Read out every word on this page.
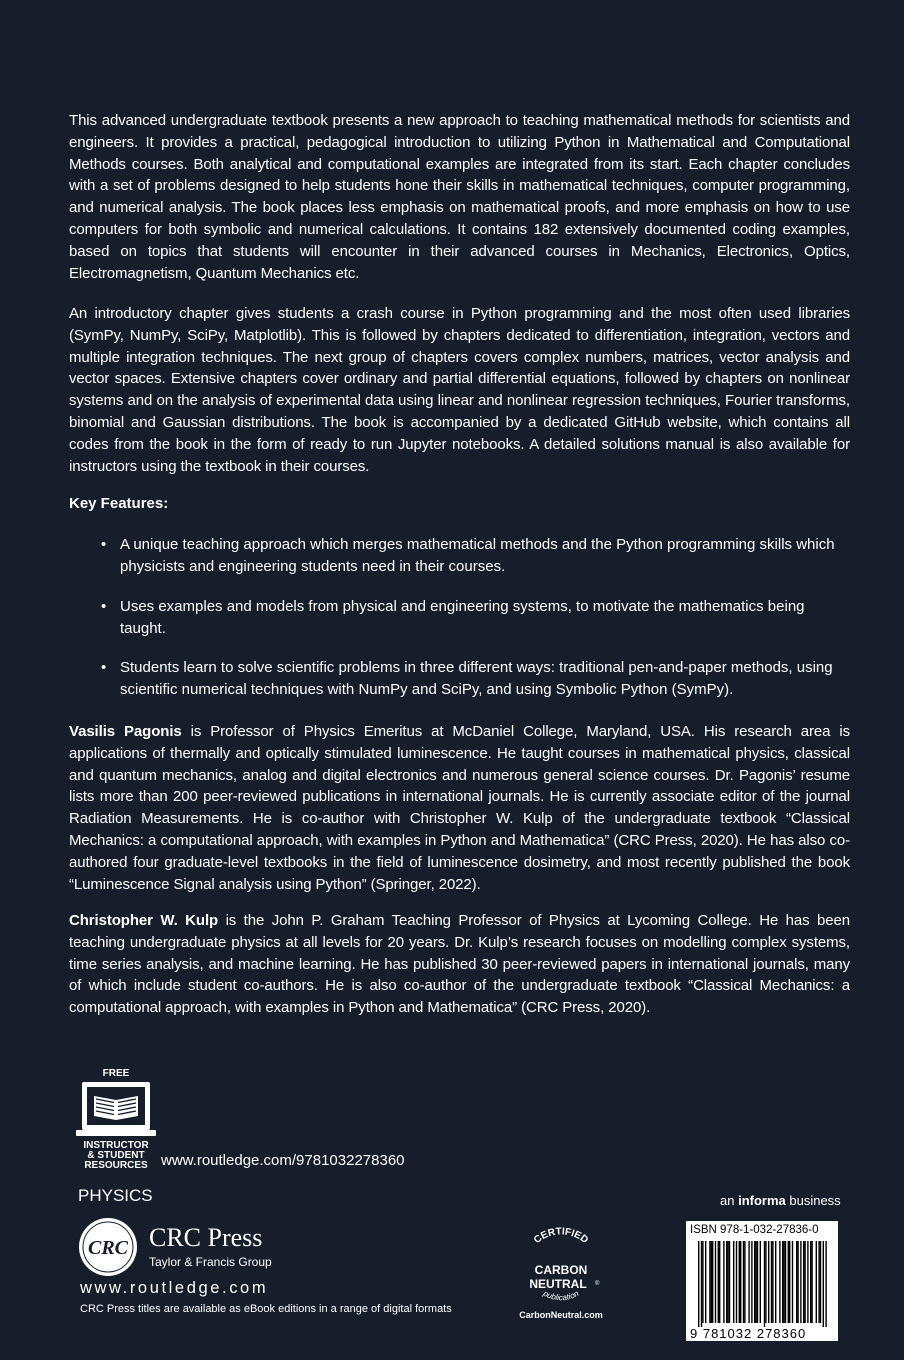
This advanced undergraduate textbook presents a new approach to teaching mathematical methods for scientists and engineers. It provides a practical, pedagogical introduction to utilizing Python in Mathematical and Computational Methods courses. Both analytical and computational examples are integrated from its start. Each chapter concludes with a set of problems designed to help students hone their skills in mathematical techniques, computer programming, and numerical analysis. The book places less emphasis on mathematical proofs, and more emphasis on how to use computers for both symbolic and numerical calculations. It contains 182 extensively documented coding examples, based on topics that students will encounter in their advanced courses in Mechanics, Electronics, Optics, Electromagnetism, Quantum Mechanics etc.

An introductory chapter gives students a crash course in Python programming and the most often used libraries (SymPy, NumPy, SciPy, Matplotlib). This is followed by chapters dedicated to differentiation, integration, vectors and multiple integration techniques. The next group of chapters covers complex numbers, matrices, vector analysis and vector spaces. Extensive chapters cover ordinary and partial differential equations, followed by chapters on nonlinear systems and on the analysis of experimental data using linear and nonlinear regression techniques, Fourier transforms, binomial and Gaussian distributions. The book is accompanied by a dedicated GitHub website, which contains all codes from the book in the form of ready to run Jupyter notebooks. A detailed solutions manual is also available for instructors using the textbook in their courses.

Key Features:

• A unique teaching approach which merges mathematical methods and the Python programming skills which physicists and engineering students need in their courses.
• Uses examples and models from physical and engineering systems, to motivate the mathematics being taught.
• Students learn to solve scientific problems in three different ways: traditional pen-and-paper methods, using scientific numerical techniques with NumPy and SciPy, and using Symbolic Python (SymPy).

Vasilis Pagonis is Professor of Physics Emeritus at McDaniel College, Maryland, USA. His research area is applications of thermally and optically stimulated luminescence. He taught courses in mathematical physics, classical and quantum mechanics, analog and digital electronics and numerous general science courses. Dr. Pagonis’ resume lists more than 200 peer-reviewed publications in international journals. He is currently associate editor of the journal Radiation Measurements. He is co-author with Christopher W. Kulp of the undergraduate textbook “Classical Mechanics: a computational approach, with examples in Python and Mathematica” (CRC Press, 2020). He has also co-authored four graduate-level textbooks in the field of luminescence dosimetry, and most recently published the book “Luminescence Signal analysis using Python” (Springer, 2022).

Christopher W. Kulp is the John P. Graham Teaching Professor of Physics at Lycoming College. He has been teaching undergraduate physics at all levels for 20 years. Dr. Kulp’s research focuses on modelling complex systems, time series analysis, and machine learning. He has published 30 peer-reviewed papers in international journals, many of which include student co-authors. He is also co-author of the undergraduate textbook “Classical Mechanics: a computational approach, with examples in Python and Mathematica” (CRC Press, 2020).

FREE
INSTRUCTOR
& STUDENT
RESOURCES www.routledge.com/9781032278360
PHYSICS
CRC CRC Press
Taylor & Francis Group
www.routledge.com
CRC Press titles are available as eBook editions in a range of digital formats
CERTIFIED
CARBON
NEUTRAL ®
publication
CarbonNeutral.com
an informa business
ISBN 978-1-032-27836-0
9 781032 278360
